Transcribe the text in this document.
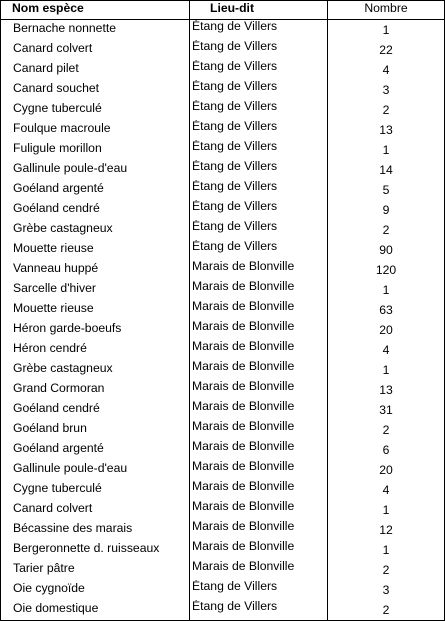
Nom espèce	Lieu-dit	Nombre
Bernache nonnette	Étang de Villers	1
Canard colvert	Étang de Villers	22
Canard pilet	Étang de Villers	4
Canard souchet	Étang de Villers	3
Cygne tuberculé	Étang de Villers	2
Foulque macroule	Étang de Villers	13
Fuligule morillon	Étang de Villers	1
Gallinule poule-d'eau	Étang de Villers	14
Goéland argenté	Étang de Villers	5
Goéland cendré	Étang de Villers	9
Grèbe castagneux	Étang de Villers	2
Mouette rieuse	Étang de Villers	90
Vanneau huppé	Marais de Blonville	120
Sarcelle d'hiver	Marais de Blonville	1
Mouette rieuse	Marais de Blonville	63
Héron garde-boeufs	Marais de Blonville	20
Héron cendré	Marais de Blonville	4
Grèbe castagneux	Marais de Blonville	1
Grand Cormoran	Marais de Blonville	13
Goéland cendré	Marais de Blonville	31
Goéland brun	Marais de Blonville	2
Goéland argenté	Marais de Blonville	6
Gallinule poule-d'eau	Marais de Blonville	20
Cygne tuberculé	Marais de Blonville	4
Canard colvert	Marais de Blonville	1
Bécassine des marais	Marais de Blonville	12
Bergeronnette d. ruisseaux	Marais de Blonville	1
Tarier pâtre	Marais de Blonville	2
Oie cygnoïde	Étang de Villers	3
Oie domestique	Étang de Villers	2
